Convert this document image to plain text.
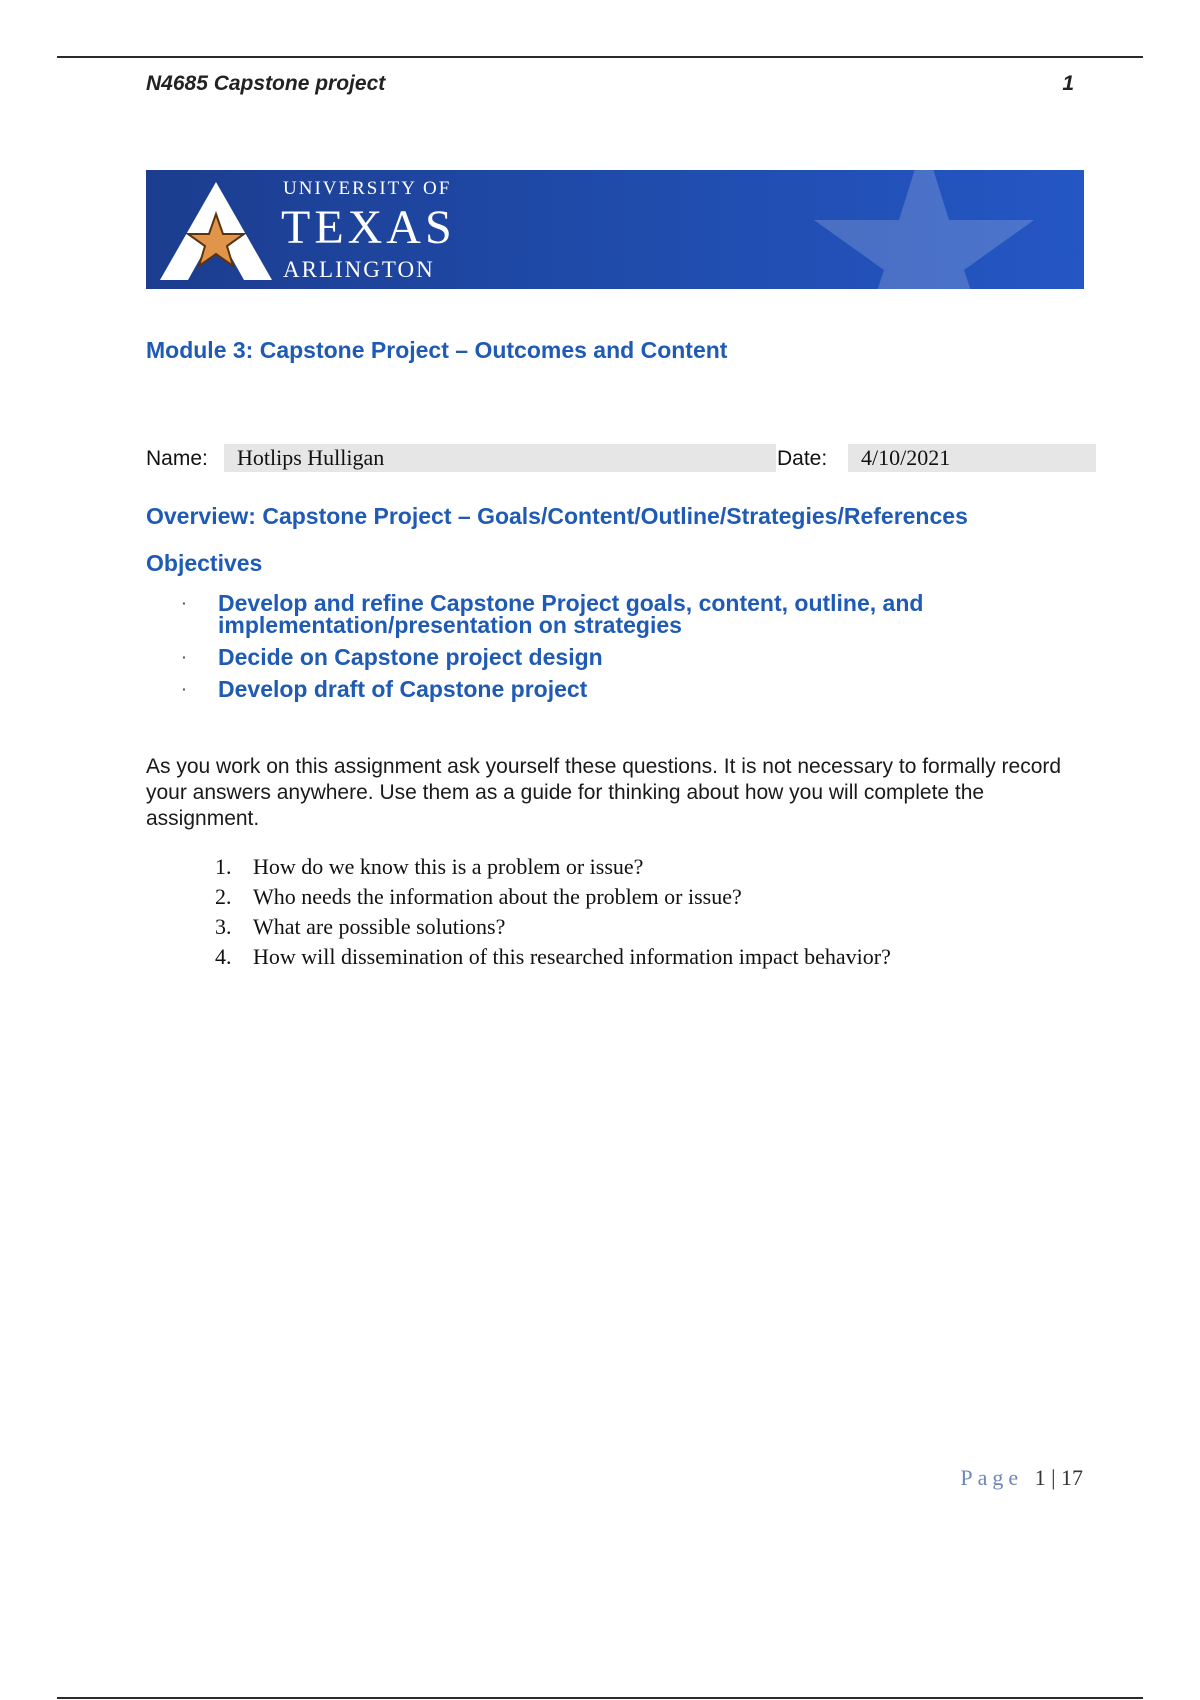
N4685 Capstone project	1
UNIVERSITY OF
TEXAS
ARLINGTON
Module 3: Capstone Project – Outcomes and Content
Name:	Hotlips Hulligan	Date:	4/10/2021
Overview: Capstone Project – Goals/Content/Outline/Strategies/References
Objectives
· Develop and refine Capstone Project goals, content, outline, and implementation/presentation on strategies
· Decide on Capstone project design
· Develop draft of Capstone project
As you work on this assignment ask yourself these questions. It is not necessary to formally record your answers anywhere. Use them as a guide for thinking about how you will complete the assignment.
1. How do we know this is a problem or issue?
2. Who needs the information about the problem or issue?
3. What are possible solutions?
4. How will dissemination of this researched information impact behavior?
Page 1 | 17
